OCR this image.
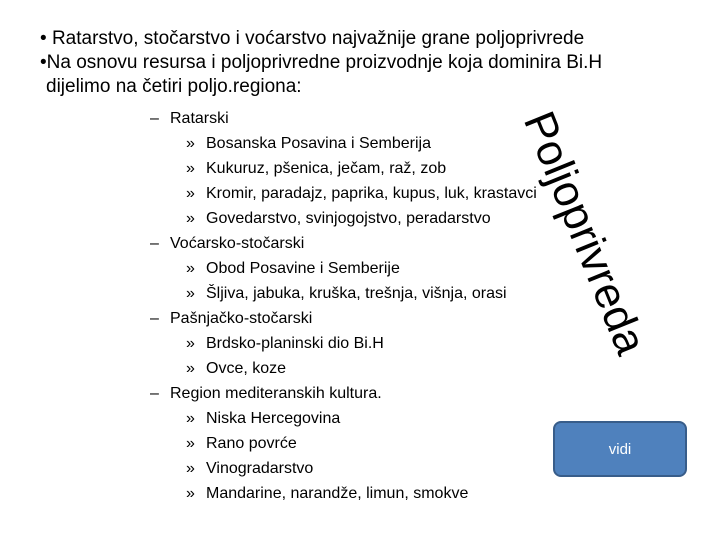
• Ratarstvo, stočarstvo i voćarstvo najvažnije grane poljoprivrede
•Na osnovu resursa i poljoprivredne proizvodnje koja dominira Bi.H
dijelimo na četiri poljo.regiona:
– Ratarski
» Bosanska Posavina i Semberija
» Kukuruz, pšenica, ječam, raž, zob
» Kromir, paradajz, paprika, kupus, luk, krastavci
» Govedarstvo, svinjogojstvo, peradarstvo
– Voćarsko-stočarski
» Obod Posavine i Semberije
» Šljiva, jabuka, kruška, trešnja, višnja, orasi
– Pašnjačko-stočarski
» Brdsko-planinski dio Bi.H
» Ovce, koze
– Region mediteranskih kultura.
» Niska Hercegovina
» Rano povrće
» Vinogradarstvo
» Mandarine, narandže, limun, smokve
Poljoprivreda
vidi
